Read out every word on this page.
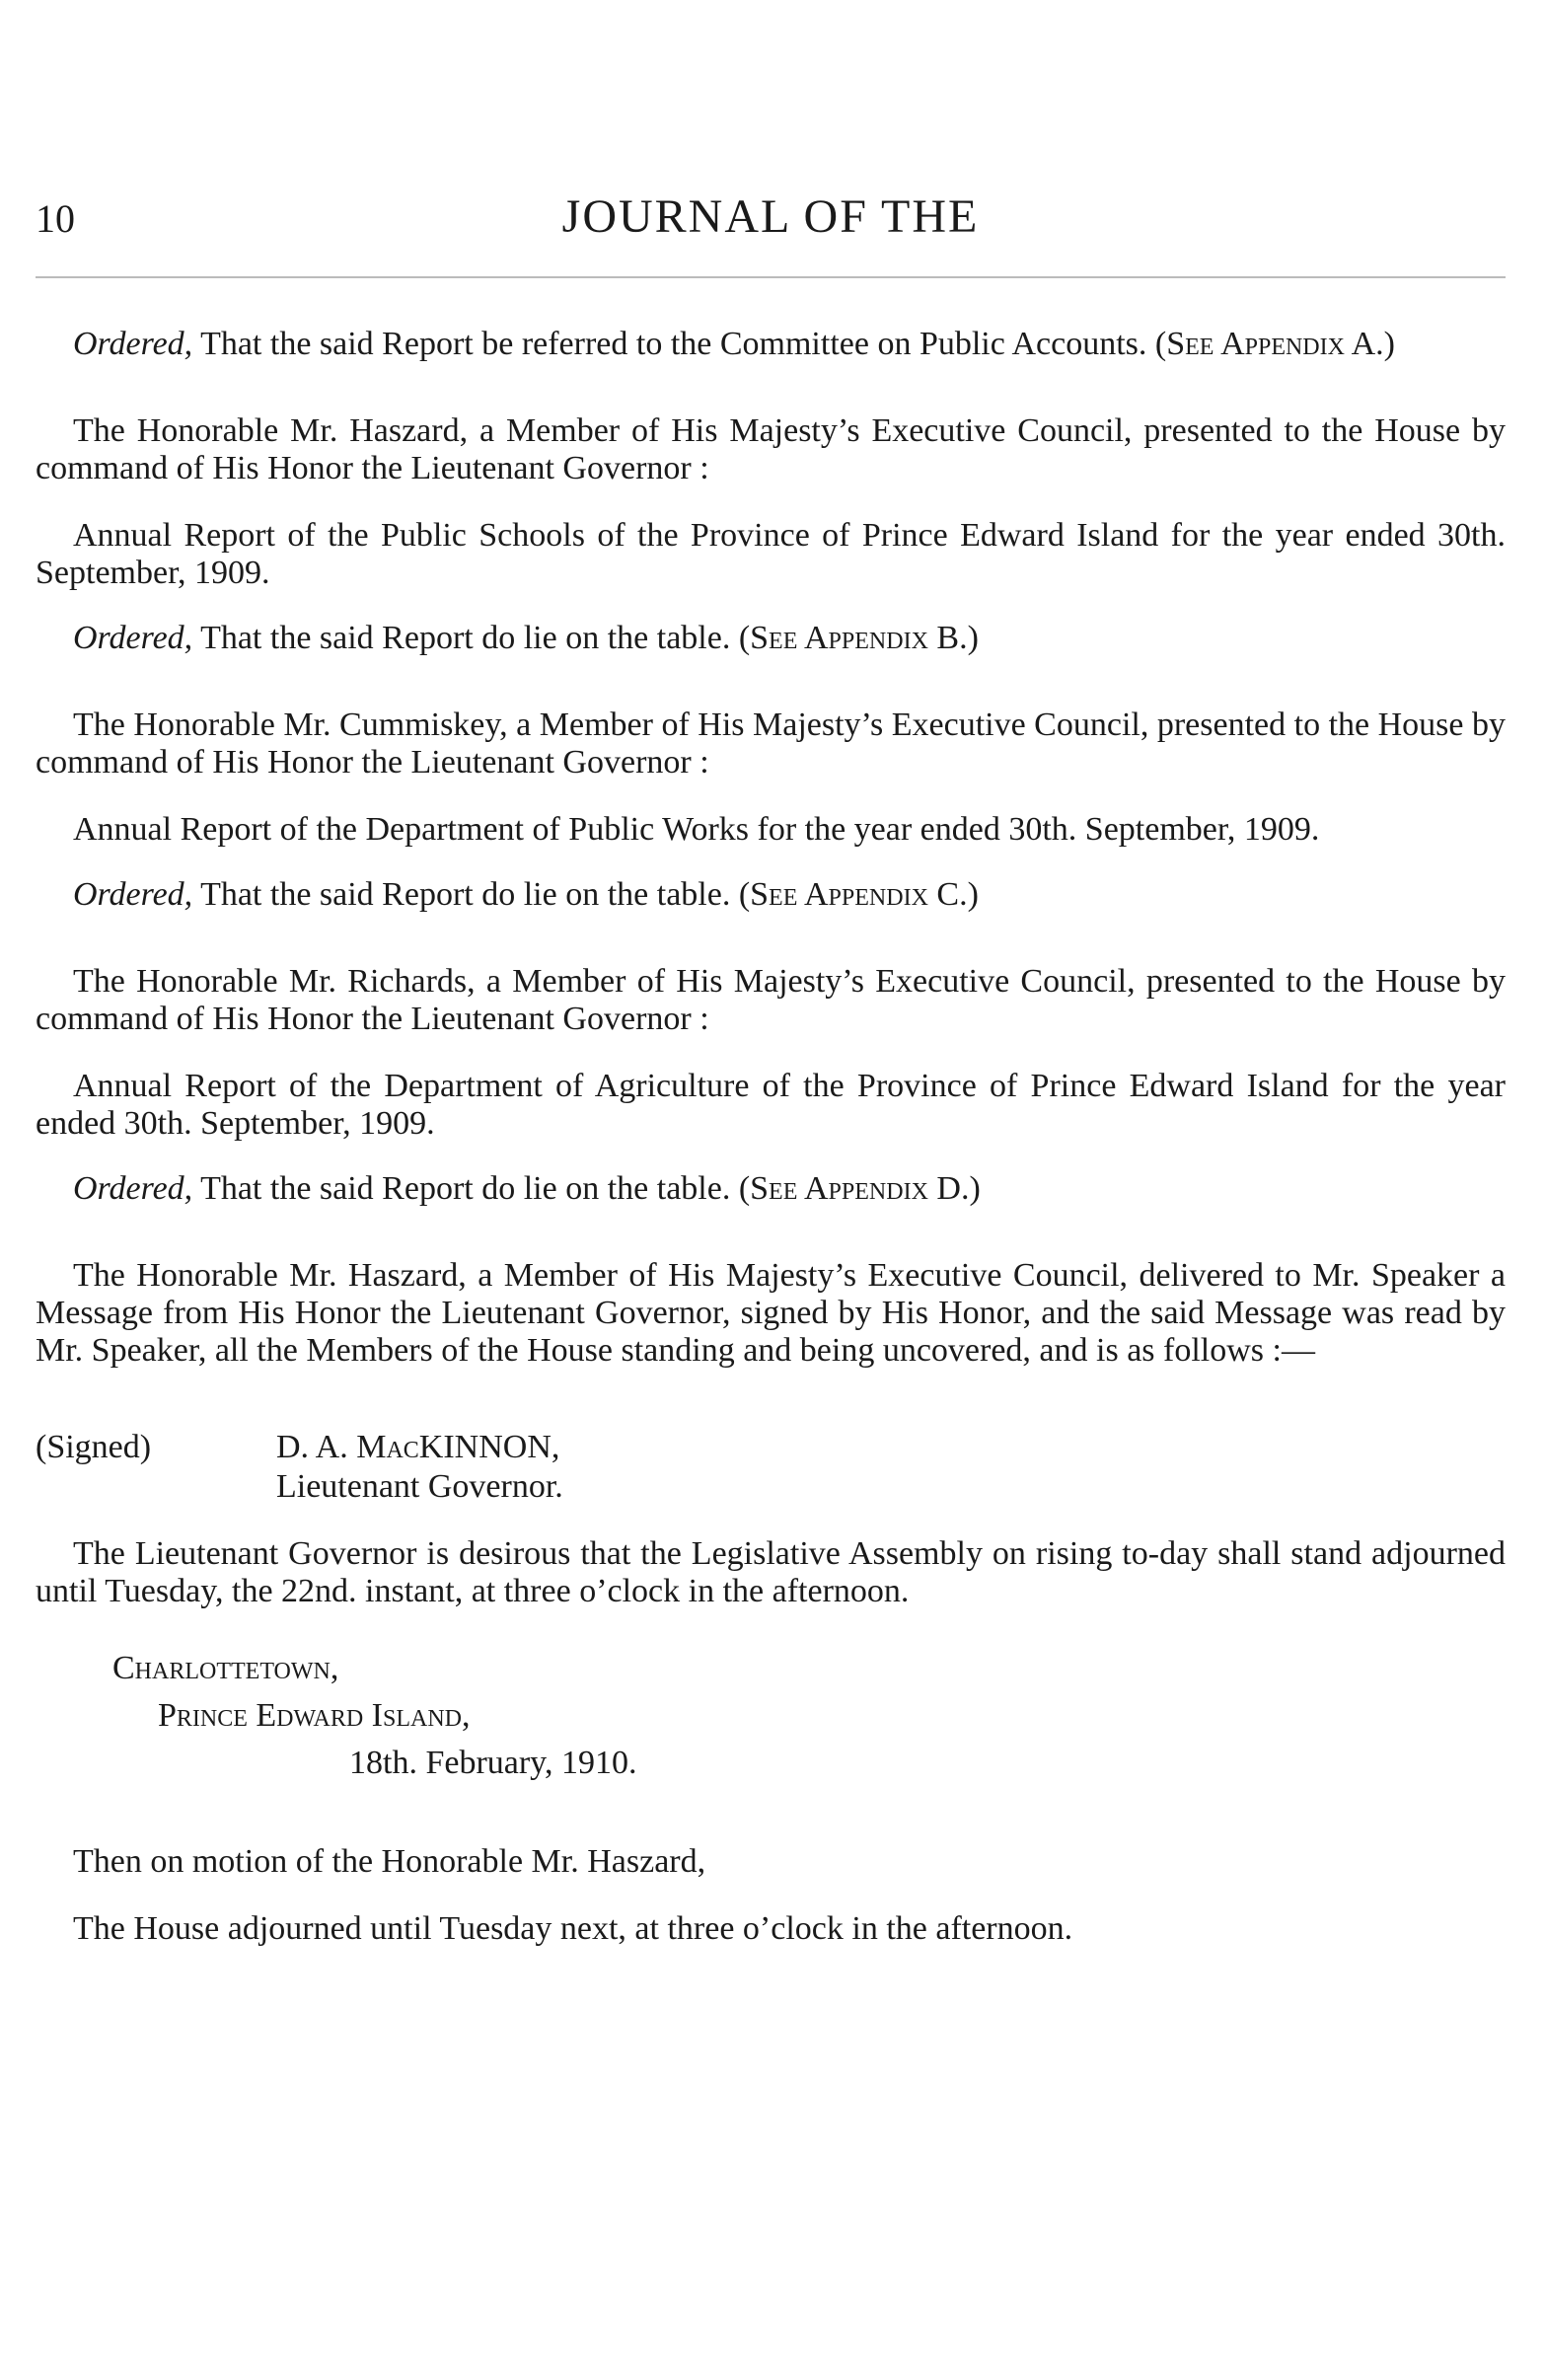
10	JOURNAL OF THE

Ordered, That the said Report be referred to the Committee on Public Accounts. (See Appendix A.)

The Honorable Mr. Haszard, a Member of His Majesty’s Executive Council, presented to the House by command of His Honor the Lieutenant Governor :

Annual Report of the Public Schools of the Province of Prince Edward Island for the year ended 30th. September, 1909.

Ordered, That the said Report do lie on the table. (See Appendix B.)

The Honorable Mr. Cummiskey, a Member of His Majesty’s Executive Council, presented to the House by command of His Honor the Lieutenant Governor :

Annual Report of the Department of Public Works for the year ended 30th. September, 1909.

Ordered, That the said Report do lie on the table. (See Appendix C.)

The Honorable Mr. Richards, a Member of His Majesty’s Executive Council, presented to the House by command of His Honor the Lieutenant Governor :

Annual Report of the Department of Agriculture of the Province of Prince Edward Island for the year ended 30th. September, 1909.

Ordered, That the said Report do lie on the table. (See Appendix D.)

The Honorable Mr. Haszard, a Member of His Majesty’s Executive Council, delivered to Mr. Speaker a Message from His Honor the Lieutenant Governor, signed by His Honor, and the said Message was read by Mr. Speaker, all the Members of the House standing and being uncovered, and is as follows :—

(Signed)	D. A. MacKINNON,
Lieutenant Governor.

The Lieutenant Governor is desirous that the Legislative Assembly on rising to-day shall stand adjourned until Tuesday, the 22nd. instant, at three o’clock in the afternoon.

Charlottetown,
Prince Edward Island,
18th. February, 1910.

Then on motion of the Honorable Mr. Haszard,

The House adjourned until Tuesday next, at three o’clock in the afternoon.
